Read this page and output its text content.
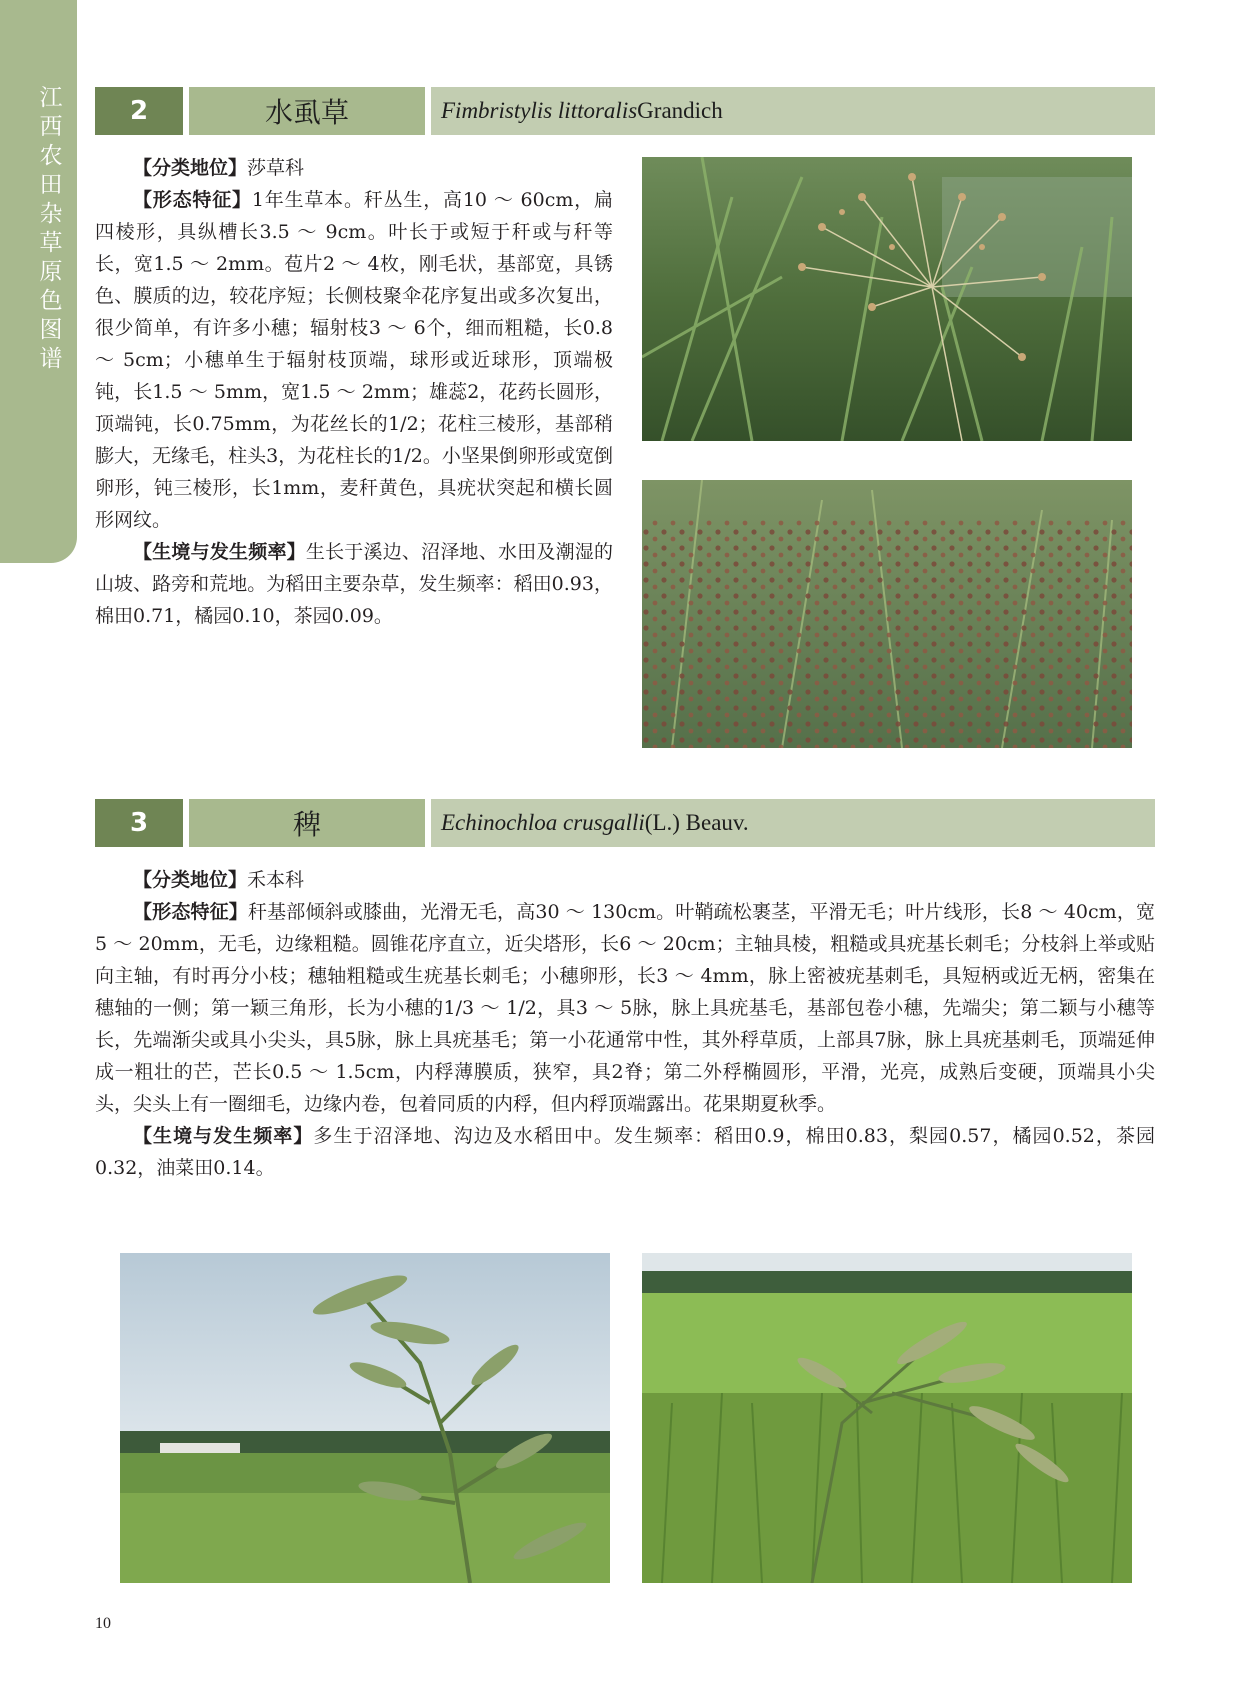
江西农田杂草原色图谱
2	水虱草	Fimbristylis littoralis Grandich

【分类地位】莎草科

【形态特征】1年生草本。秆丛生，高10 ～ 60cm，扁四棱形，具纵槽长3.5 ～ 9cm。叶长于或短于秆或与秆等长，宽1.5 ～ 2mm。苞片2 ～ 4枚，刚毛状，基部宽，具锈色、膜质的边，较花序短；长侧枝聚伞花序复出或多次复出，很少简单，有许多小穗；辐射枝3 ～ 6个，细而粗糙，长0.8 ～ 5cm；小穗单生于辐射枝顶端，球形或近球形，顶端极钝，长1.5 ～ 5mm，宽1.5 ～ 2mm；雄蕊2，花药长圆形，顶端钝，长0.75mm，为花丝长的1/2；花柱三棱形，基部稍膨大，无缘毛，柱头3，为花柱长的1/2。小坚果倒卵形或宽倒卵形，钝三棱形，长1mm，麦秆黄色，具疣状突起和横长圆形网纹。

【生境与发生频率】生长于溪边、沼泽地、水田及潮湿的山坡、路旁和荒地。为稻田主要杂草，发生频率：稻田0.93，棉田0.71，橘园0.10，茶园0.09。

3	稗	Echinochloa crusgalli (L.) Beauv.

【分类地位】禾本科

【形态特征】秆基部倾斜或膝曲，光滑无毛，高30 ～ 130cm。叶鞘疏松裹茎，平滑无毛；叶片线形，长8 ～ 40cm，宽5 ～ 20mm，无毛，边缘粗糙。圆锥花序直立，近尖塔形，长6 ～ 20cm；主轴具棱，粗糙或具疣基长刺毛；分枝斜上举或贴向主轴，有时再分小枝；穗轴粗糙或生疣基长刺毛；小穗卵形，长3 ～ 4mm，脉上密被疣基刺毛，具短柄或近无柄，密集在穗轴的一侧；第一颖三角形，长为小穗的1/3 ～ 1/2，具3 ～ 5脉，脉上具疣基毛，基部包卷小穗，先端尖；第二颖与小穗等长，先端渐尖或具小尖头，具5脉，脉上具疣基毛；第一小花通常中性，其外稃草质，上部具7脉，脉上具疣基刺毛，顶端延伸成一粗壮的芒，芒长0.5 ～ 1.5cm，内稃薄膜质，狭窄，具2脊；第二外稃椭圆形，平滑，光亮，成熟后变硬，顶端具小尖头，尖头上有一圈细毛，边缘内卷，包着同质的内稃，但内稃顶端露出。花果期夏秋季。

【生境与发生频率】多生于沼泽地、沟边及水稻田中。发生频率：稻田0.9，棉田0.83，梨园0.57，橘园0.52，茶园0.32，油菜田0.14。

10
